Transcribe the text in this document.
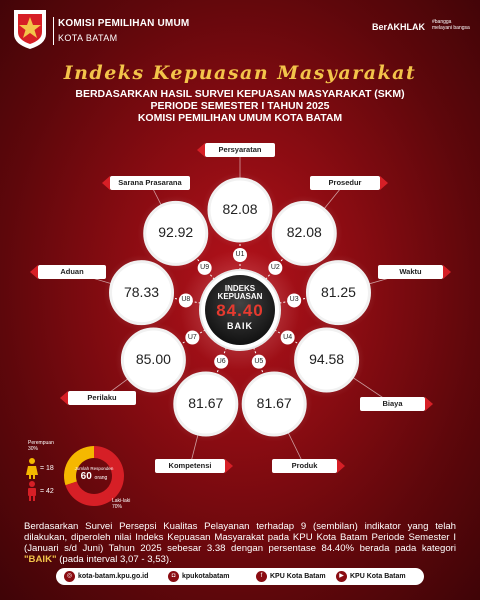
KOMISI PEMILIHAN UMUM
KOTA BATAM
BerAKHLAK #bangga melayani bangsa
Indeks Kepuasan Masyarakat
BERDASARKAN HASIL SURVEI KEPUASAN MASYARAKAT (SKM)
PERIODE SEMESTER I TAHUN 2025
KOMISI PEMILIHAN UMUM KOTA BATAM
82.08
Persyaratan
U1
82.08
Prosedur
U2
81.25
Waktu
U3
94.58
Biaya
U4
81.67
Produk
U5
81.67
Kompetensi
U6
85.00
Perilaku
U7
78.33
Aduan
U8
92.92
Sarana Prasarana
U9
INDEKS
KEPUASAN
84.40
BAIK
Perempuan
30%
Laki-laki
70%
= 18
= 42
Jumlah Responden
60 orang
Berdasarkan Survei Persepsi Kualitas Pelayanan terhadap 9 (sembilan) indikator yang telah dilakukan, diperoleh nilai Indeks Kepuasan Masyarakat pada KPU Kota Batam Periode Semester I (Januari s/d Juni) Tahun 2025 sebesar 3.38 dengan persentase 84.40% berada pada kategori "BAIK" (pada interval 3,07 - 3,53).
◎ kota-batam.kpu.go.id	◘ kpukotabatam	f	KPU Kota Batam	▶ KPU Kota Batam
